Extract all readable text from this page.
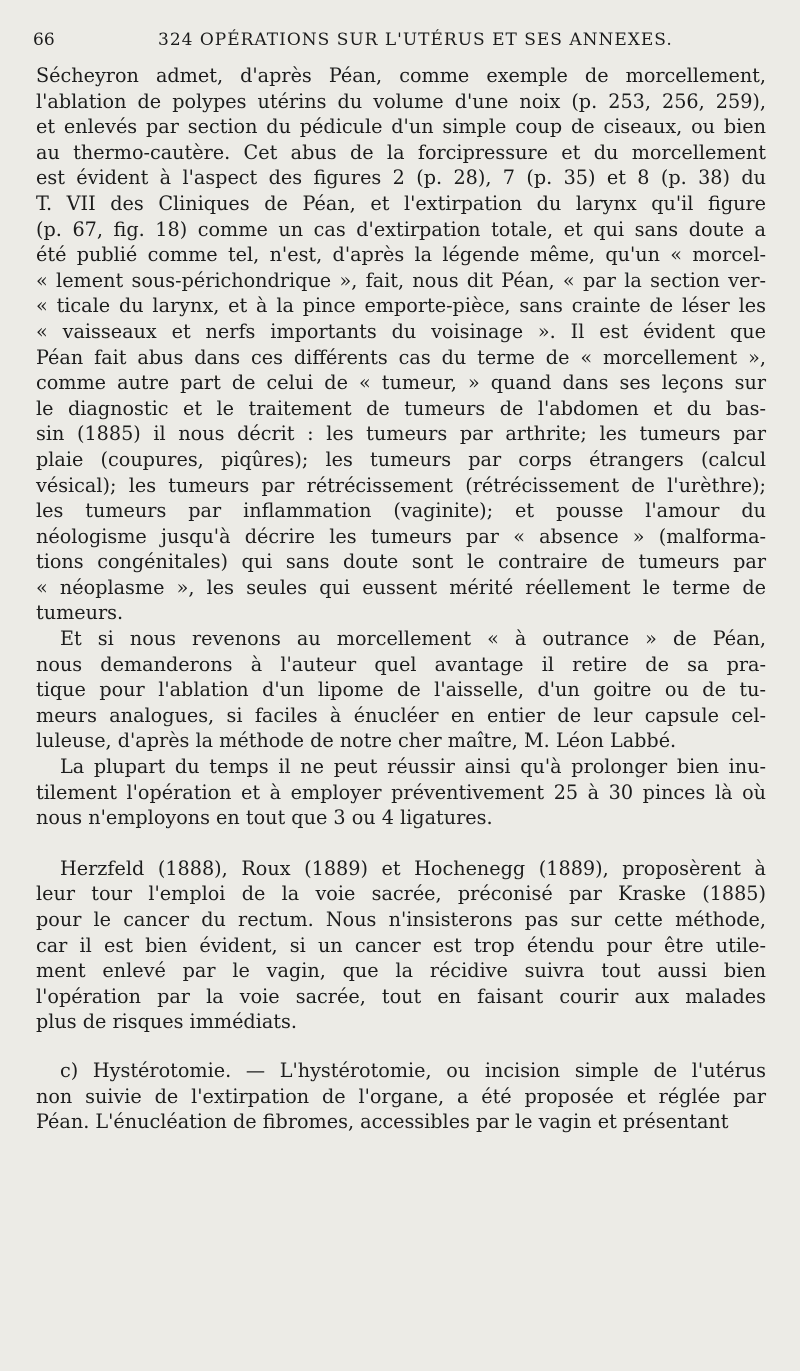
66	324 OPÉRATIONS SUR L'UTÉRUS ET SES ANNEXES.
Sécheyron admet, d'après Péan, comme exemple de morcellement,
l'ablation de polypes utérins du volume d'une noix (p. 253, 256, 259),
et enlevés par section du pédicule d'un simple coup de ciseaux, ou bien
au thermo-cautère. Cet abus de la forcipressure et du morcellement
est évident à l'aspect des figures 2 (p. 28), 7 (p. 35) et 8 (p. 38) du
T. VII des Cliniques de Péan, et l'extirpation du larynx qu'il figure
(p. 67, fig. 18) comme un cas d'extirpation totale, et qui sans doute a
été publié comme tel, n'est, d'après la légende même, qu'un « morcel-
« lement sous-périchondrique », fait, nous dit Péan, « par la section ver-
« ticale du larynx, et à la pince emporte-pièce, sans crainte de léser les
« vaisseaux et nerfs importants du voisinage ». Il est évident que
Péan fait abus dans ces différents cas du terme de « morcellement »,
comme autre part de celui de « tumeur, » quand dans ses leçons sur
le diagnostic et le traitement de tumeurs de l'abdomen et du bas-
sin (1885) il nous décrit : les tumeurs par arthrite; les tumeurs par
plaie (coupures, piqûres); les tumeurs par corps étrangers (calcul
vésical); les tumeurs par rétrécissement (rétrécissement de l'urèthre);
les tumeurs par inflammation (vaginite); et pousse l'amour du
néologisme jusqu'à décrire les tumeurs par « absence » (malforma-
tions congénitales) qui sans doute sont le contraire de tumeurs par
« néoplasme », les seules qui eussent mérité réellement le terme de
tumeurs.
Et si nous revenons au morcellement « à outrance » de Péan,
nous demanderons à l'auteur quel avantage il retire de sa pra-
tique pour l'ablation d'un lipome de l'aisselle, d'un goitre ou de tu-
meurs analogues, si faciles à énucléer en entier de leur capsule cel-
luleuse, d'après la méthode de notre cher maître, M. Léon Labbé.
La plupart du temps il ne peut réussir ainsi qu'à prolonger bien inu-
tilement l'opération et à employer préventivement 25 à 30 pinces là où
nous n'employons en tout que 3 ou 4 ligatures.
Herzfeld (1888), Roux (1889) et Hochenegg (1889), proposèrent à
leur tour l'emploi de la voie sacrée, préconisé par Kraske (1885)
pour le cancer du rectum. Nous n'insisterons pas sur cette méthode,
car il est bien évident, si un cancer est trop étendu pour être utile-
ment enlevé par le vagin, que la récidive suivra tout aussi bien
l'opération par la voie sacrée, tout en faisant courir aux malades
plus de risques immédiats.
c) Hystérotomie. — L'hystérotomie, ou incision simple de l'utérus
non suivie de l'extirpation de l'organe, a été proposée et réglée par
Péan. L'énucléation de fibromes, accessibles par le vagin et présentant
